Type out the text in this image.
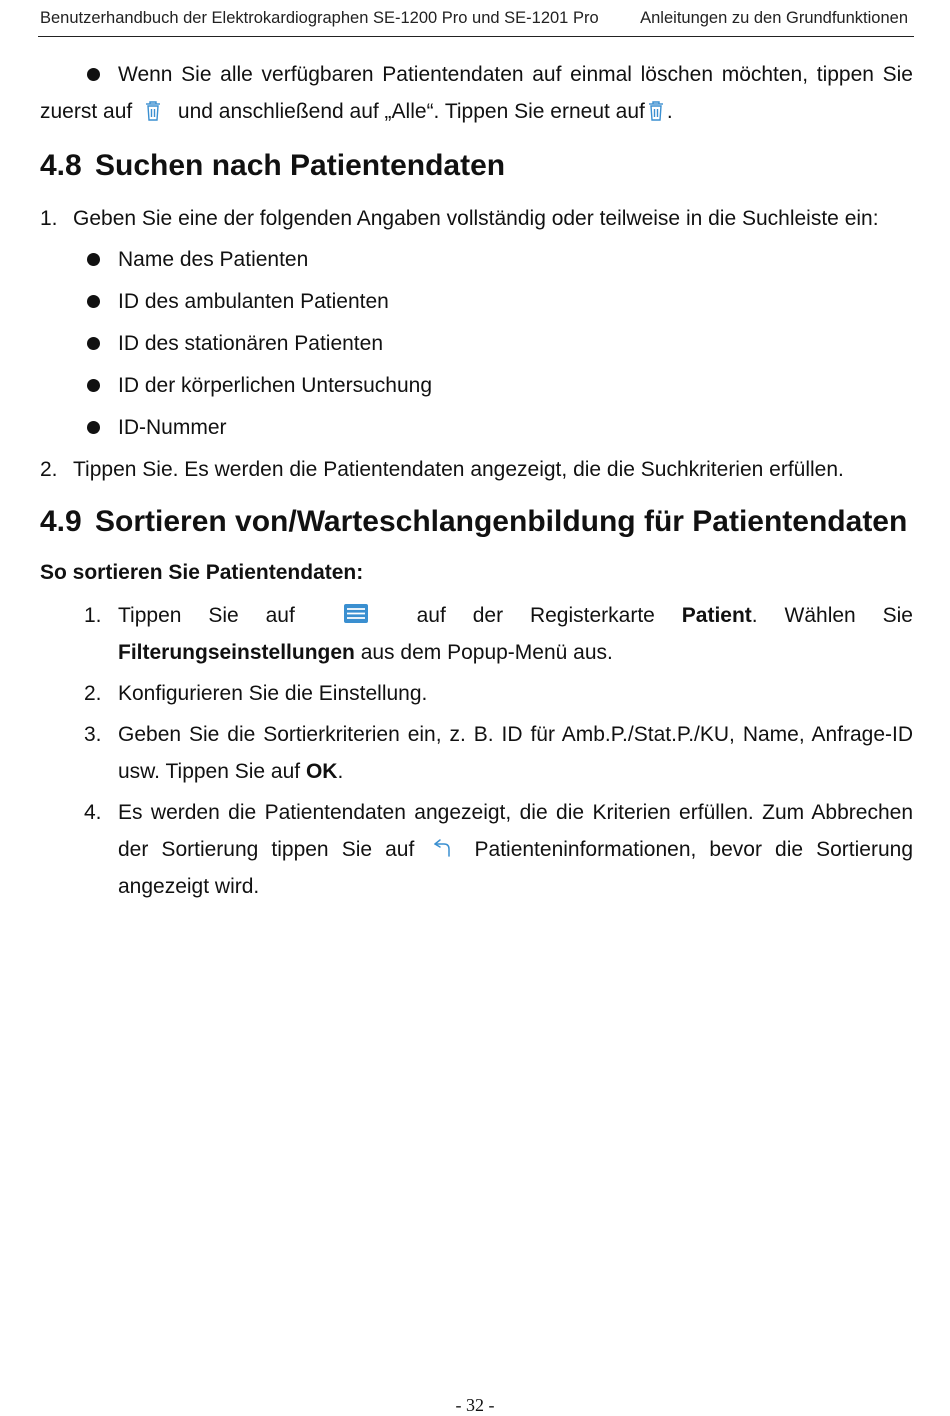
Benutzerhandbuch der Elektrokardiographen SE-1200 Pro und SE-1201 Pro	Anleitungen zu den Grundfunktionen
Wenn Sie alle verfügbaren Patientendaten auf einmal löschen möchten, tippen Sie zuerst auf und anschließend auf „Alle“. Tippen Sie erneut auf .
4.8 Suchen nach Patientendaten
1. Geben Sie eine der folgenden Angaben vollständig oder teilweise in die Suchleiste ein:
Name des Patienten
ID des ambulanten Patienten
ID des stationären Patienten
ID der körperlichen Untersuchung
ID-Nummer
2. Tippen Sie. Es werden die Patientendaten angezeigt, die die Suchkriterien erfüllen.
4.9 Sortieren von/Warteschlangenbildung für Patientendaten
So sortieren Sie Patientendaten:
1. Tippen Sie auf	auf der Registerkarte Patient. Wählen Sie Filterungseinstellungen aus dem Popup-Menü aus.
2. Konfigurieren Sie die Einstellung.
3. Geben Sie die Sortierkriterien ein, z. B. ID für Amb.P./Stat.P./KU, Name, Anfrage-ID usw. Tippen Sie auf OK.
4. Es werden die Patientendaten angezeigt, die die Kriterien erfüllen. Zum Abbrechen der Sortierung tippen Sie auf	Patienteninformationen, bevor die Sortierung angezeigt wird.
- 32 -
